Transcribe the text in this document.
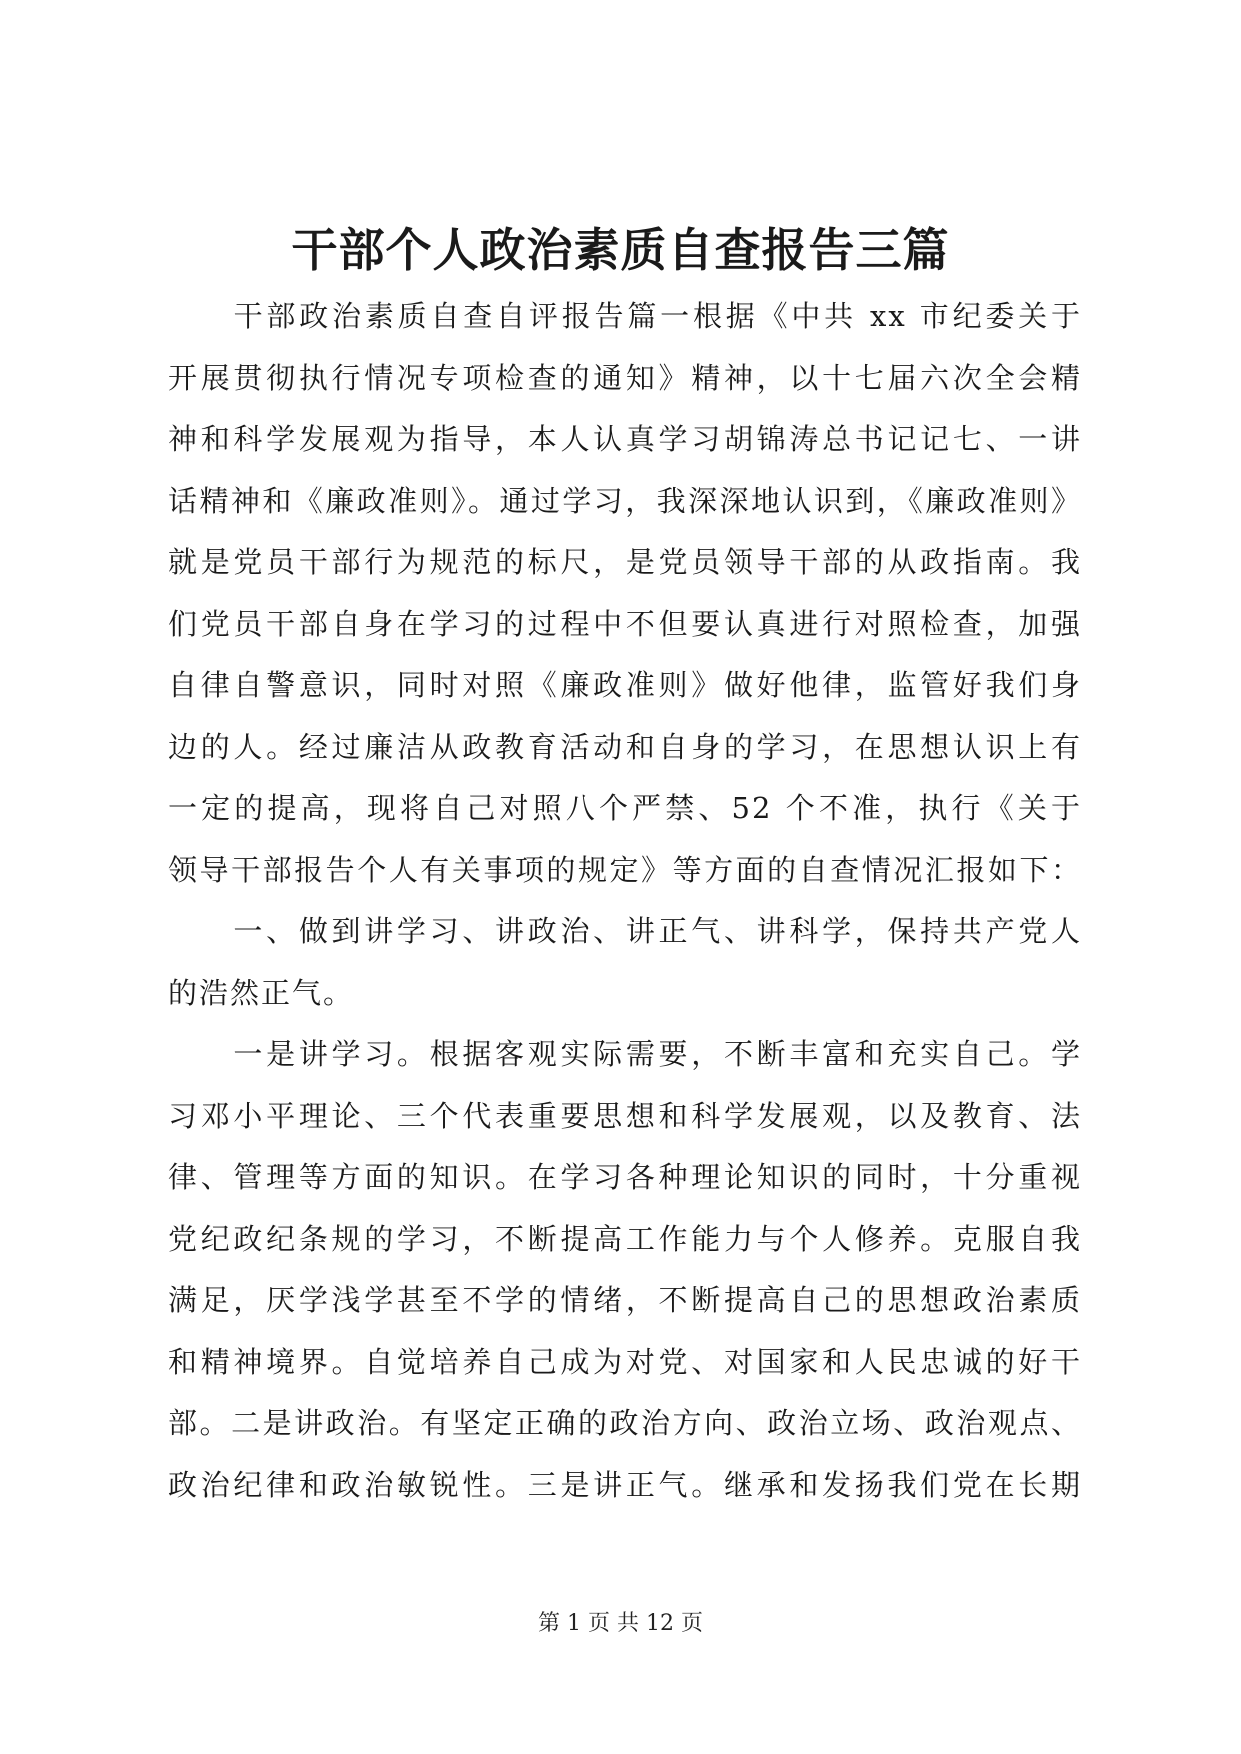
干部个人政治素质自查报告三篇
　　干部政治素质自查自评报告篇一根据《中共 xx 市纪委关于
开展贯彻执行情况专项检查的通知》精神，以十七届六次全会精
神和科学发展观为指导，本人认真学习胡锦涛总书记记七、一讲
话精神和《廉政准则》。通过学习，我深深地认识到，《廉政准则》
就是党员干部行为规范的标尺，是党员领导干部的从政指南。我
们党员干部自身在学习的过程中不但要认真进行对照检查，加强
自律自警意识，同时对照《廉政准则》做好他律，监管好我们身
边的人。经过廉洁从政教育活动和自身的学习，在思想认识上有
一定的提高，现将自己对照八个严禁、52 个不准，执行《关于
领导干部报告个人有关事项的规定》等方面的自查情况汇报如下：
　　一、做到讲学习、讲政治、讲正气、讲科学，保持共产党人
的浩然正气。
　　一是讲学习。根据客观实际需要，不断丰富和充实自己。学
习邓小平理论、三个代表重要思想和科学发展观，以及教育、法
律、管理等方面的知识。在学习各种理论知识的同时，十分重视
党纪政纪条规的学习，不断提高工作能力与个人修养。克服自我
满足，厌学浅学甚至不学的情绪，不断提高自己的思想政治素质
和精神境界。自觉培养自己成为对党、对国家和人民忠诚的好干
部。二是讲政治。有坚定正确的政治方向、政治立场、政治观点、
政治纪律和政治敏锐性。三是讲正气。继承和发扬我们党在长期
第 1 页 共 12 页
